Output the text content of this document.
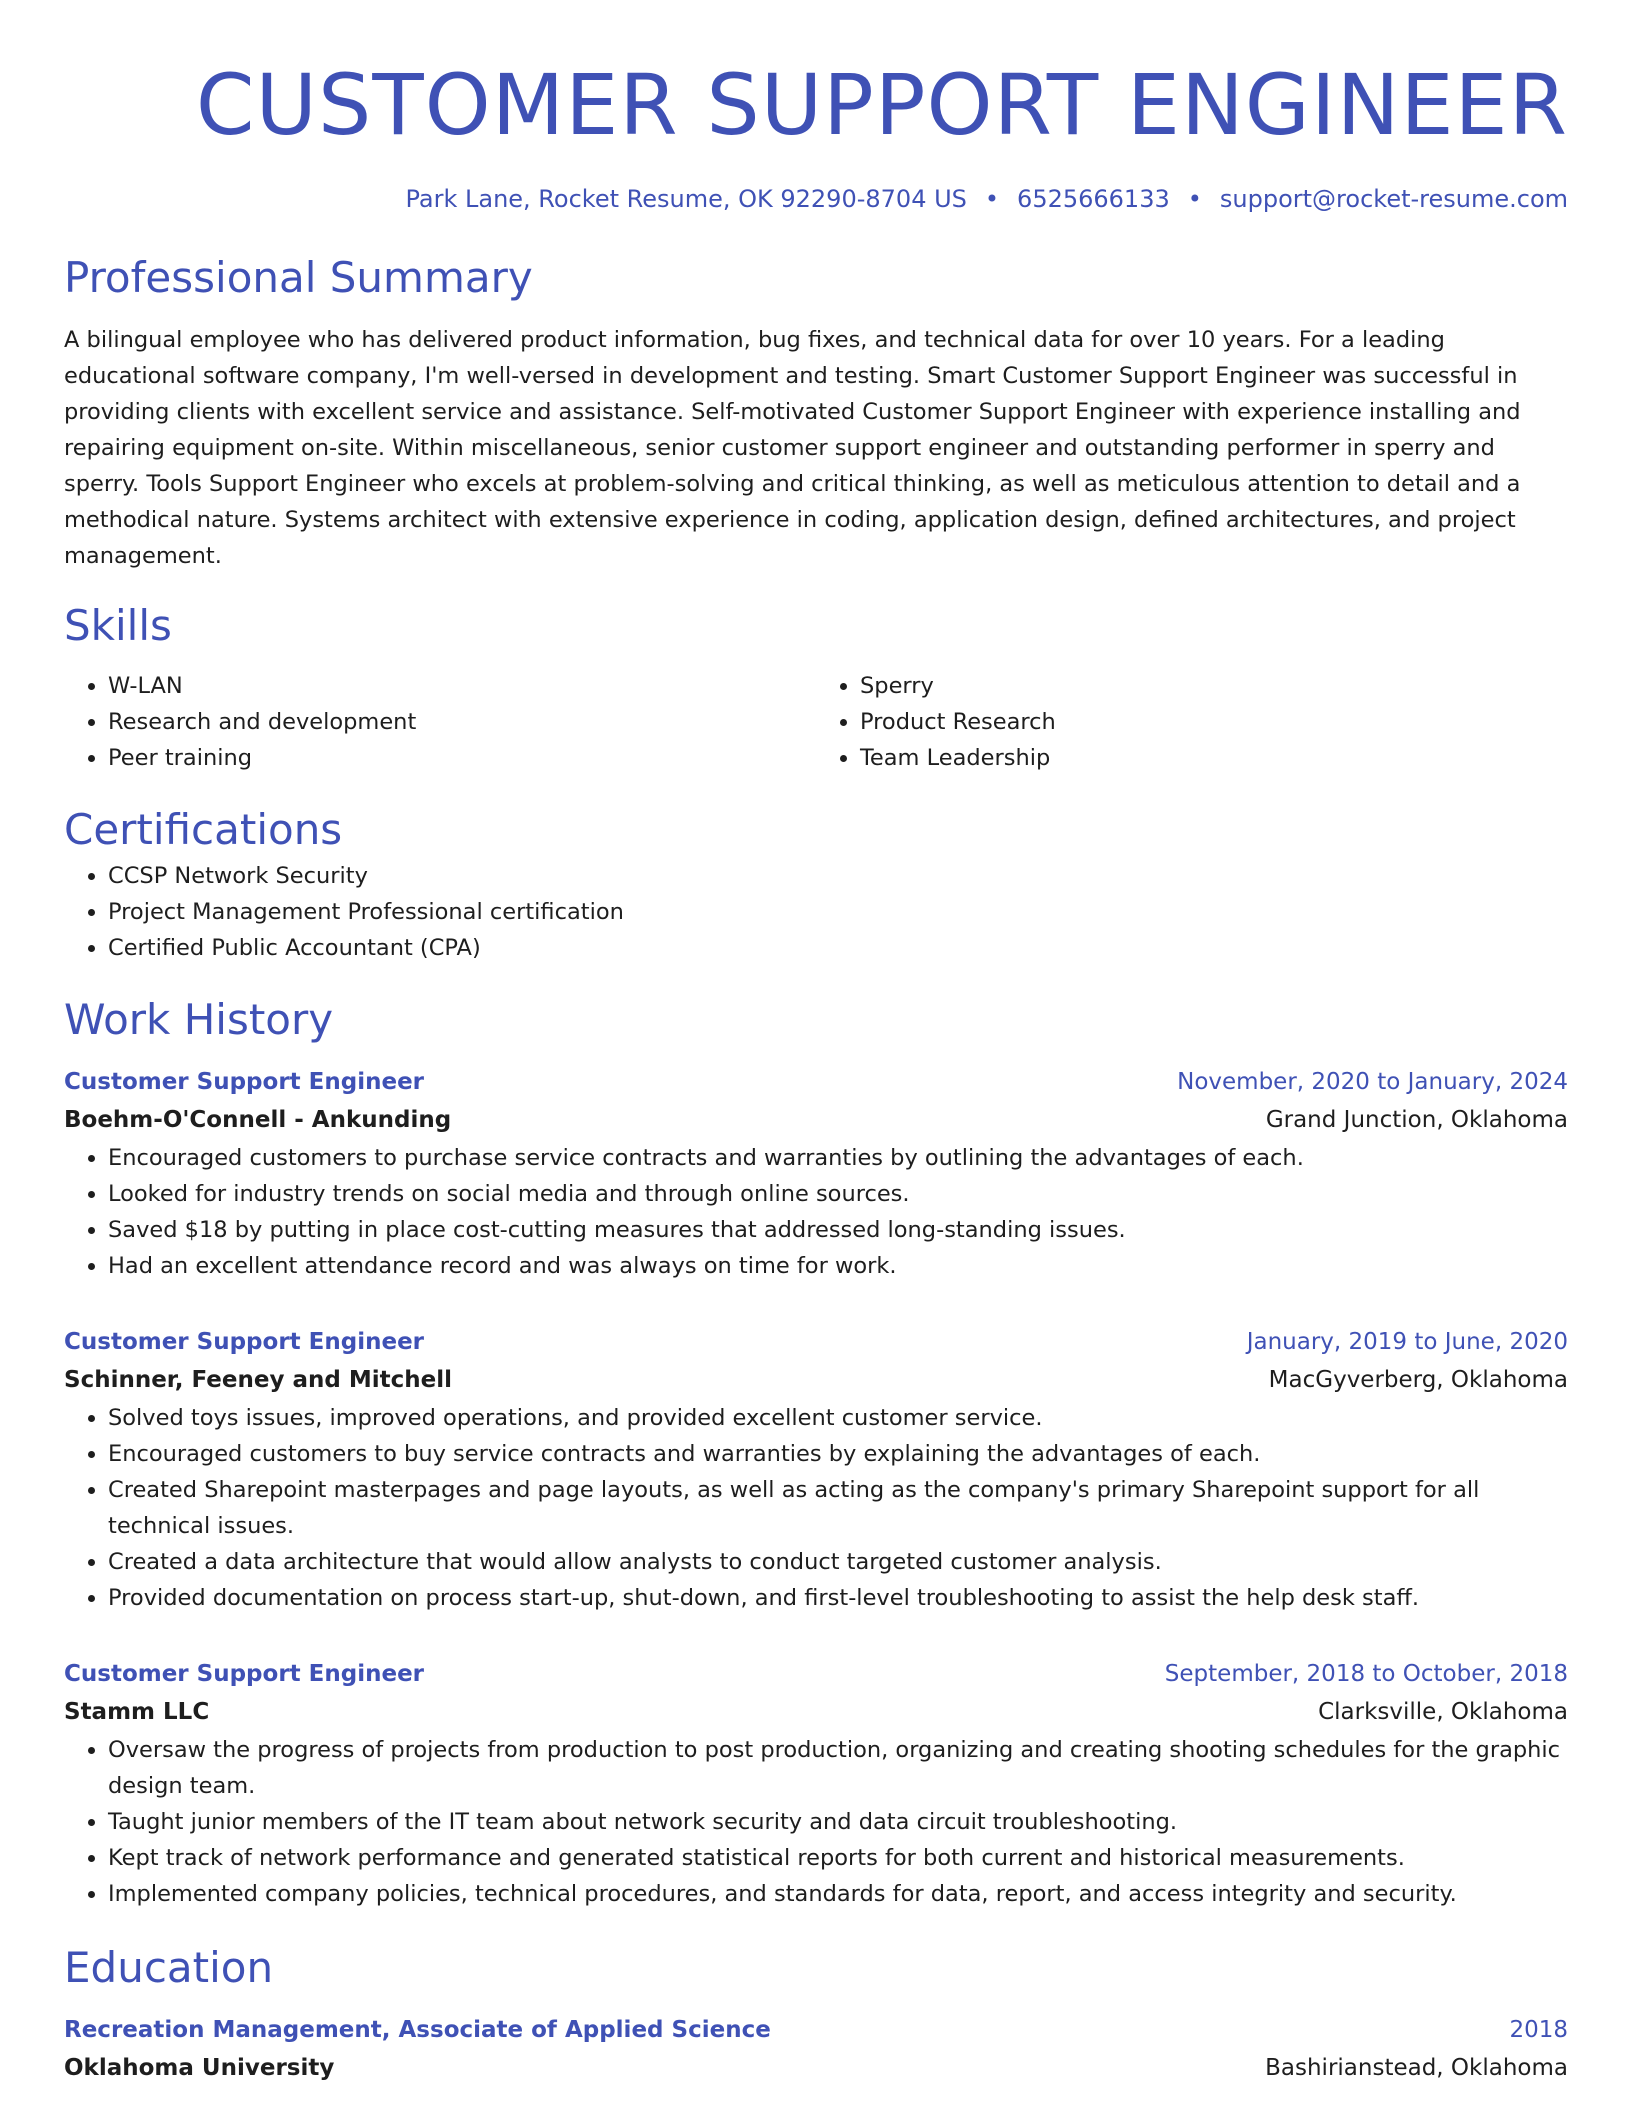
CUSTOMER SUPPORT ENGINEER
Park Lane, Rocket Resume, OK 92290-8704 US • 6525666133 • support@rocket-resume.com
Professional Summary
A bilingual employee who has delivered product information, bug fixes, and technical data for over 10 years. For a leading educational software company, I'm well-versed in development and testing. Smart Customer Support Engineer was successful in providing clients with excellent service and assistance. Self-motivated Customer Support Engineer with experience installing and repairing equipment on-site. Within miscellaneous, senior customer support engineer and outstanding performer in sperry and sperry. Tools Support Engineer who excels at problem-solving and critical thinking, as well as meticulous attention to detail and a methodical nature. Systems architect with extensive experience in coding, application design, defined architectures, and project management.
Skills
• W-LAN
• Research and development
• Peer training
• Sperry
• Product Research
• Team Leadership
Certifications
• CCSP Network Security
• Project Management Professional certification
• Certified Public Accountant (CPA)
Work History
Customer Support Engineer	November, 2020 to January, 2024
Boehm-O'Connell - Ankunding	Grand Junction, Oklahoma
• Encouraged customers to purchase service contracts and warranties by outlining the advantages of each.
• Looked for industry trends on social media and through online sources.
• Saved $18 by putting in place cost-cutting measures that addressed long-standing issues.
• Had an excellent attendance record and was always on time for work.
Customer Support Engineer	January, 2019 to June, 2020
Schinner, Feeney and Mitchell	MacGyverberg, Oklahoma
• Solved toys issues, improved operations, and provided excellent customer service.
• Encouraged customers to buy service contracts and warranties by explaining the advantages of each.
• Created Sharepoint masterpages and page layouts, as well as acting as the company's primary Sharepoint support for all technical issues.
• Created a data architecture that would allow analysts to conduct targeted customer analysis.
• Provided documentation on process start-up, shut-down, and first-level troubleshooting to assist the help desk staff.
Customer Support Engineer	September, 2018 to October, 2018
Stamm LLC	Clarksville, Oklahoma
• Oversaw the progress of projects from production to post production, organizing and creating shooting schedules for the graphic design team.
• Taught junior members of the IT team about network security and data circuit troubleshooting.
• Kept track of network performance and generated statistical reports for both current and historical measurements.
• Implemented company policies, technical procedures, and standards for data, report, and access integrity and security.
Education
Recreation Management, Associate of Applied Science	2018
Oklahoma University	Bashirianstead, Oklahoma
